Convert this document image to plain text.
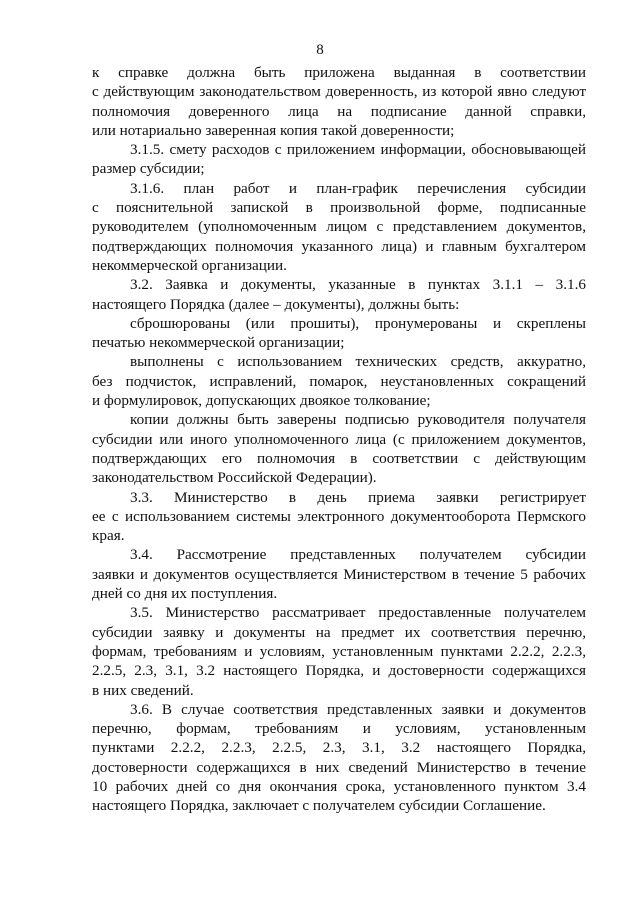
8
к справке должна быть приложена выданная в соответствии
с действующим законодательством доверенность, из которой явно следуют
полномочия доверенного лица на подписание данной справки,
или нотариально заверенная копия такой доверенности;
3.1.5. смету расходов с приложением информации, обосновывающей
размер субсидии;
3.1.6. план работ и план-график перечисления субсидии
с пояснительной запиской в произвольной форме, подписанные
руководителем (уполномоченным лицом с представлением документов,
подтверждающих полномочия указанного лица) и главным бухгалтером
некоммерческой организации.
3.2. Заявка и документы, указанные в пунктах 3.1.1 – 3.1.6
настоящего Порядка (далее – документы), должны быть:
сброшюрованы (или прошиты), пронумерованы и скреплены
печатью некоммерческой организации;
выполнены с использованием технических средств, аккуратно,
без подчисток, исправлений, помарок, неустановленных сокращений
и формулировок, допускающих двоякое толкование;
копии должны быть заверены подписью руководителя получателя
субсидии или иного уполномоченного лица (с приложением документов,
подтверждающих его полномочия в соответствии с действующим
законодательством Российской Федерации).
3.3. Министерство в день приема заявки регистрирует
ее с использованием системы электронного документооборота Пермского
края.
3.4. Рассмотрение представленных получателем субсидии
заявки и документов осуществляется Министерством в течение 5 рабочих
дней со дня их поступления.
3.5. Министерство рассматривает предоставленные получателем
субсидии заявку и документы на предмет их соответствия перечню,
формам, требованиям и условиям, установленным пунктами 2.2.2, 2.2.3,
2.2.5, 2.3, 3.1, 3.2 настоящего Порядка, и достоверности содержащихся
в них сведений.
3.6. В случае соответствия представленных заявки и документов
перечню, формам, требованиям и условиям, установленным
пунктами 2.2.2, 2.2.3, 2.2.5, 2.3, 3.1, 3.2 настоящего Порядка,
достоверности содержащихся в них сведений Министерство в течение
10 рабочих дней со дня окончания срока, установленного пунктом 3.4
настоящего Порядка, заключает с получателем субсидии Соглашение.
